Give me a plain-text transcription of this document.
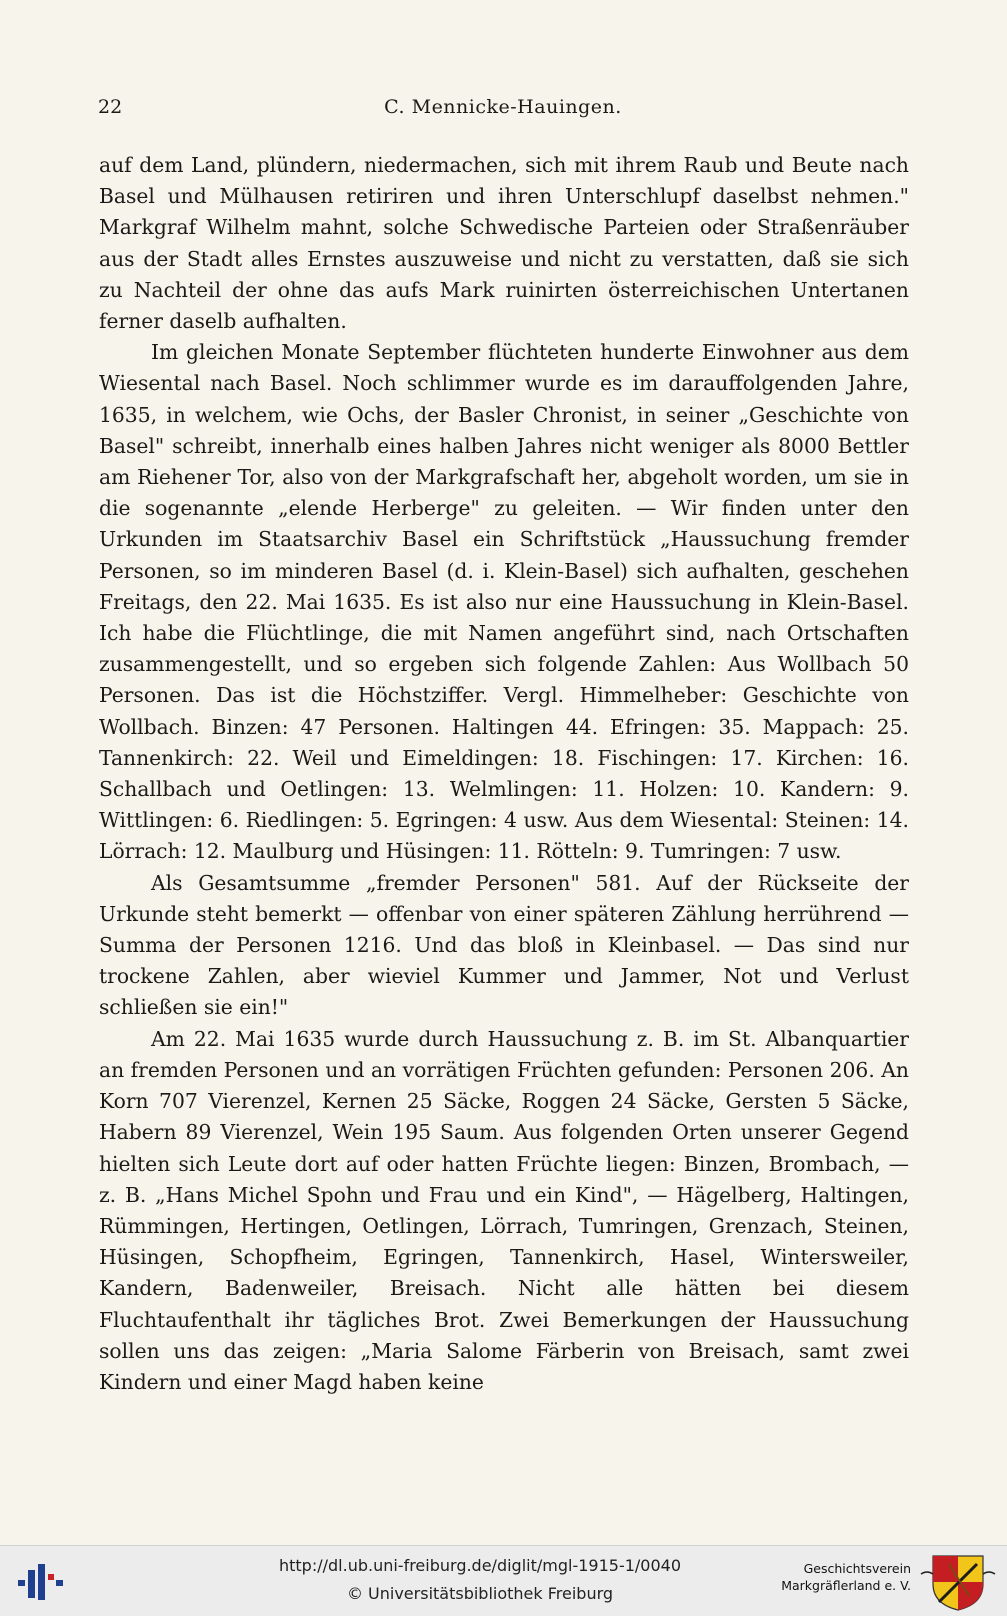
22	C. Mennicke-Hauingen.

auf dem Land, plündern, niedermachen, sich mit ihrem Raub und Beute nach Basel und Mülhausen retiriren und ihren Unterschlupf daselbst nehmen." Markgraf Wilhelm mahnt, solche Schwedische Parteien oder Straßenräuber aus der Stadt alles Ernstes auszuweise und nicht zu verstatten, daß sie sich zu Nachteil der ohne das aufs Mark ruinirten österreichischen Untertanen ferner daselb aufhalten.

Im gleichen Monate September flüchteten hunderte Einwohner aus dem Wiesental nach Basel. Noch schlimmer wurde es im darauffolgenden Jahre, 1635, in welchem, wie Ochs, der Basler Chronist, in seiner „Geschichte von Basel" schreibt, innerhalb eines halben Jahres nicht weniger als 8000 Bettler am Riehener Tor, also von der Markgrafschaft her, abgeholt worden, um sie in die sogenannte „elende Herberge" zu geleiten. — Wir finden unter den Urkunden im Staatsarchiv Basel ein Schriftstück „Haussuchung fremder Personen, so im minderen Basel (d. i. Klein-Basel) sich aufhalten, geschehen Freitags, den 22. Mai 1635. Es ist also nur eine Haussuchung in Klein-Basel. Ich habe die Flüchtlinge, die mit Namen angeführt sind, nach Ortschaften zusammengestellt, und so ergeben sich folgende Zahlen: Aus Wollbach 50 Personen. Das ist die Höchstziffer. Vergl. Himmelheber: Geschichte von Wollbach. Binzen: 47 Personen. Haltingen 44. Efringen: 35. Mappach: 25. Tannenkirch: 22. Weil und Eimeldingen: 18. Fischingen: 17. Kirchen: 16. Schallbach und Oetlingen: 13. Welmlingen: 11. Holzen: 10. Kandern: 9. Wittlingen: 6. Riedlingen: 5. Egringen: 4 usw. Aus dem Wiesental: Steinen: 14. Lörrach: 12. Maulburg und Hüsingen: 11. Rötteln: 9. Tumringen: 7 usw.

Als Gesamtsumme „fremder Personen" 581. Auf der Rückseite der Urkunde steht bemerkt — offenbar von einer späteren Zählung herrührend — Summa der Personen 1216. Und das bloß in Kleinbasel. — Das sind nur trockene Zahlen, aber wieviel Kummer und Jammer, Not und Verlust schließen sie ein!"

Am 22. Mai 1635 wurde durch Haussuchung z. B. im St. Albanquartier an fremden Personen und an vorrätigen Früchten gefunden: Personen 206. An Korn 707 Vierenzel, Kernen 25 Säcke, Roggen 24 Säcke, Gersten 5 Säcke, Habern 89 Vierenzel, Wein 195 Saum. Aus folgenden Orten unserer Gegend hielten sich Leute dort auf oder hatten Früchte liegen: Binzen, Brombach, — z. B. „Hans Michel Spohn und Frau und ein Kind", — Hägelberg, Haltingen, Rümmingen, Hertingen, Oetlingen, Lörrach, Tumringen, Grenzach, Steinen, Hüsingen, Schopfheim, Egringen, Tannenkirch, Hasel, Wintersweiler, Kandern, Badenweiler, Breisach. Nicht alle hätten bei diesem Fluchtaufenthalt ihr tägliches Brot. Zwei Bemerkungen der Haussuchung sollen uns das zeigen: „Maria Salome Färberin von Breisach, samt zwei Kindern und einer Magd haben keine

http://dl.ub.uni-freiburg.de/diglit/mgl-1915-1/0040
© Universitätsbibliothek Freiburg
Geschichtsverein
Markgräflerland e. V.
